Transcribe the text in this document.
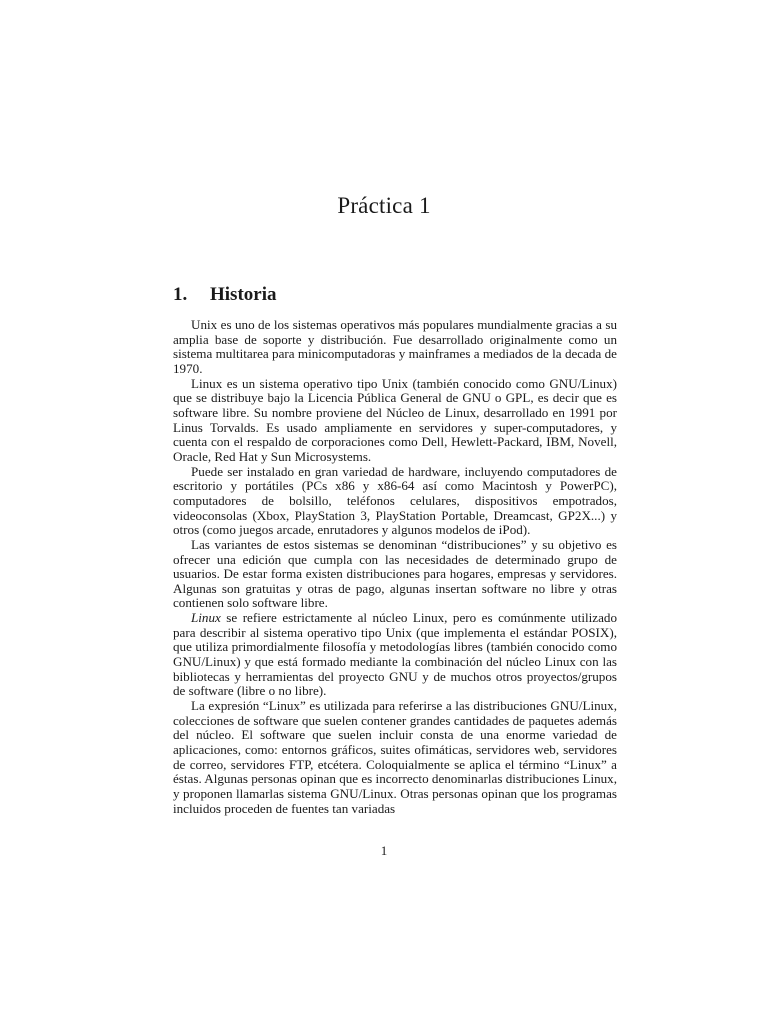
Práctica 1
1. Historia

Unix es uno de los sistemas operativos más populares mundialmente gracias a su amplia base de soporte y distribución. Fue desarrollado originalmente como un sistema multitarea para minicomputadoras y mainframes a mediados de la decada de 1970.

Linux es un sistema operativo tipo Unix (también conocido como GNU/Linux) que se distribuye bajo la Licencia Pública General de GNU o GPL, es decir que es software libre. Su nombre proviene del Núcleo de Linux, desarrollado en 1991 por Linus Torvalds. Es usado ampliamente en servidores y super-computadores, y cuenta con el respaldo de corporaciones como Dell, Hewlett-Packard, IBM, Novell, Oracle, Red Hat y Sun Microsystems.

Puede ser instalado en gran variedad de hardware, incluyendo computadores de escritorio y portátiles (PCs x86 y x86-64 así como Macintosh y PowerPC), computadores de bolsillo, teléfonos celulares, dispositivos empotrados, videoconsolas (Xbox, PlayStation 3, PlayStation Portable, Dreamcast, GP2X...) y otros (como juegos arcade, enrutadores y algunos modelos de iPod).

Las variantes de estos sistemas se denominan “distribuciones” y su objetivo es ofrecer una edición que cumpla con las necesidades de determinado grupo de usuarios. De estar forma existen distribuciones para hogares, empresas y servidores. Algunas son gratuitas y otras de pago, algunas insertan software no libre y otras contienen solo software libre.

Linux se refiere estrictamente al núcleo Linux, pero es comúnmente utilizado para describir al sistema operativo tipo Unix (que implementa el estándar POSIX), que utiliza primordialmente filosofía y metodologías libres (también conocido como GNU/Linux) y que está formado mediante la combinación del núcleo Linux con las bibliotecas y herramientas del proyecto GNU y de muchos otros proyectos/grupos de software (libre o no libre).

La expresión “Linux” es utilizada para referirse a las distribuciones GNU/Linux, colecciones de software que suelen contener grandes cantidades de paquetes además del núcleo. El software que suelen incluir consta de una enorme variedad de aplicaciones, como: entornos gráficos, suites ofimáticas, servidores web, servidores de correo, servidores FTP, etcétera. Coloquialmente se aplica el término “Linux” a éstas. Algunas personas opinan que es incorrecto denominarlas distribuciones Linux, y proponen llamarlas sistema GNU/Linux. Otras personas opinan que los programas incluidos proceden de fuentes tan variadas

1
